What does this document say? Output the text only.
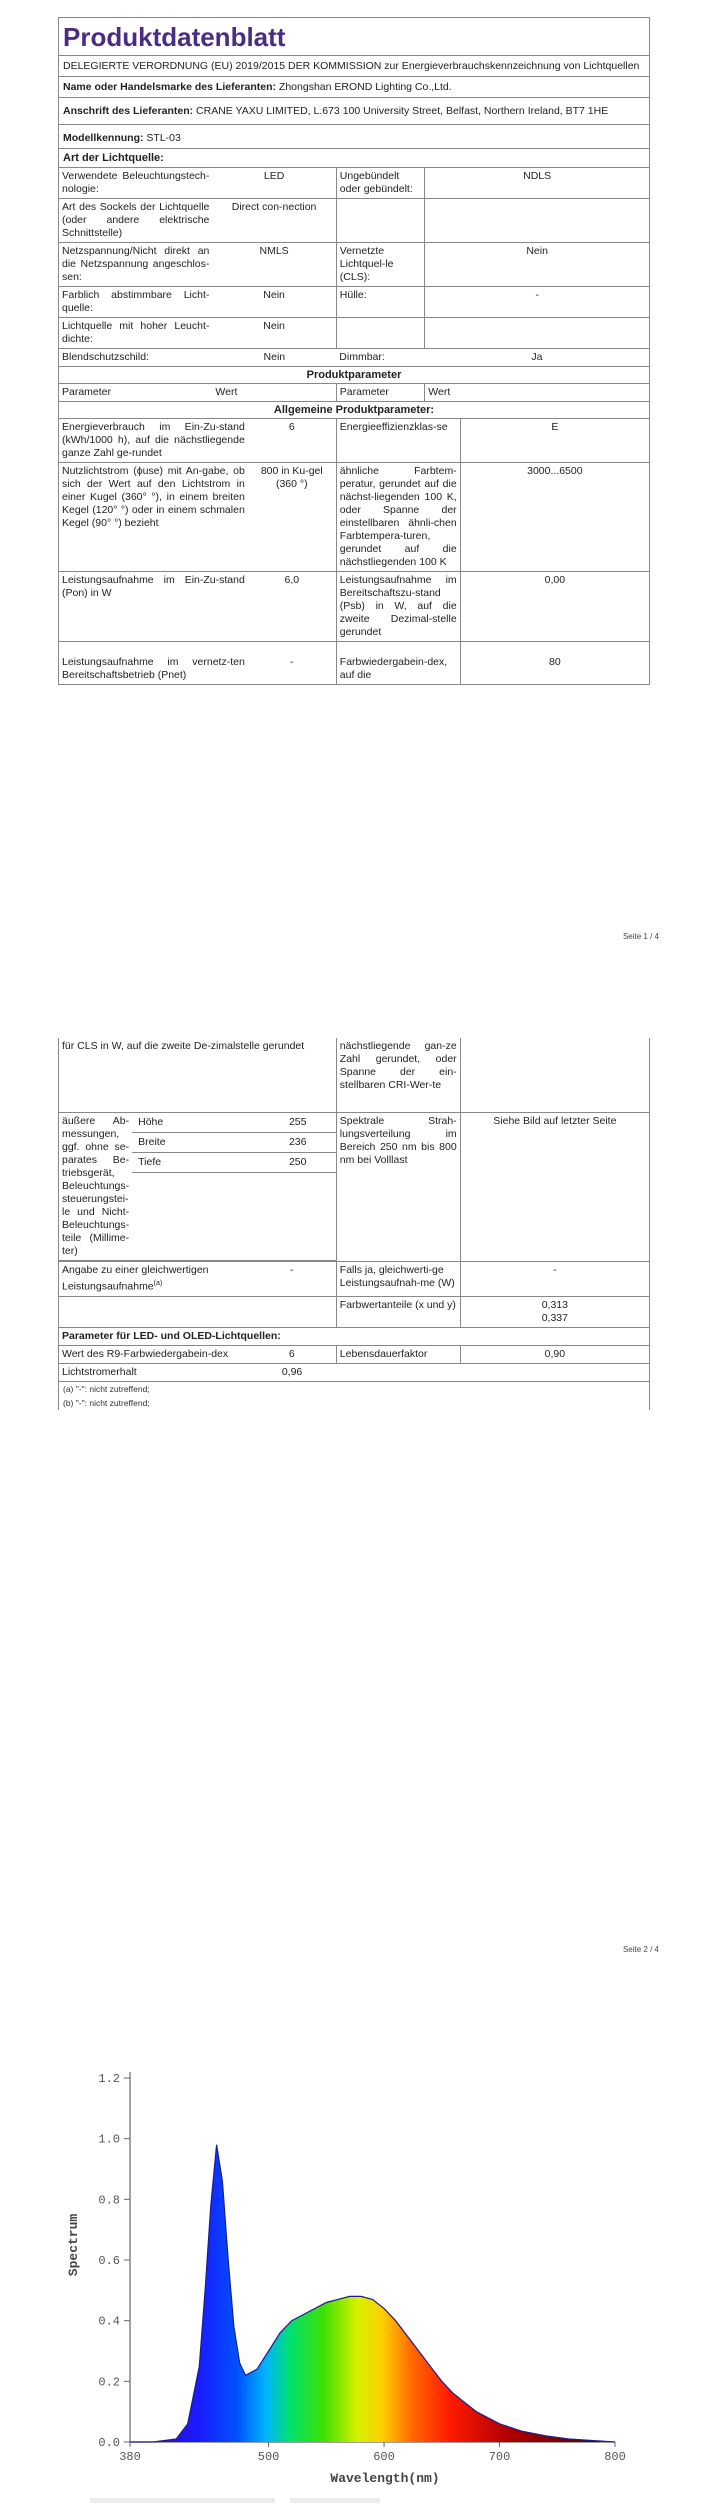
Produktdatenblatt
DELEGIERTE VERORDNUNG (EU) 2019/2015 DER KOMMISSION zur Energieverbrauchskennzeichnung von Lichtquellen
Name oder Handelsmarke des Lieferanten: Zhongshan EROND Lighting Co.,Ltd.
Anschrift des Lieferanten: CRANE YAXU LIMITED, L.673 100 University Street, Belfast, Northern Ireland, BT7 1HE
Modellkennung: STL-03
Art der Lichtquelle:
Verwendete Beleuchtungstech-nologie:	LED	Ungebündelt oder gebündelt:	NDLS
Art des Sockels der Lichtquelle (oder andere elektrische Schnittstelle)	Direct con-nection		
Netzspannung/Nicht direkt an die Netzspannung angeschlos-sen:	NMLS	Vernetzte Lichtquel-le (CLS):	Nein
Farblich abstimmbare Licht-quelle:	Nein	Hülle:	-
Lichtquelle mit hoher Leucht-dichte:	Nein		
Blendschutzschild:	Nein	Dimmbar:	Ja
Produktparameter
Parameter	Wert	Parameter	Wert
Allgemeine Produktparameter:
Energieverbrauch im Ein-Zu-stand (kWh/1000 h), auf die nächstliegende ganze Zahl ge-rundet	6	Energieeffizienzklas-se	E
Nutzlichtstrom (ϕuse) mit An-gabe, ob sich der Wert auf den Lichtstrom in einer Kugel (360° °), in einem breiten Kegel (120° °) oder in einem schmalen Kegel (90° °) bezieht	800 in Ku-gel (360 °)	ähnliche Farbtem-peratur, gerundet auf die nächst-liegenden 100 K, oder Spanne der einstellbaren ähnli-chen Farbtempera-turen, gerundet auf die nächstliegenden 100 K	3000...6500
Leistungsaufnahme im Ein-Zu-stand (Pon) in W	6,0	Leistungsaufnahme im Bereitschaftszu-stand (Psb) in W, auf die zweite Dezimal-stelle gerundet	0,00
Leistungsaufnahme im vernetz-ten Bereitschaftsbetrieb (Pnet)	-	Farbwiedergabein-dex, auf die	80
Seite 1 / 4
für CLS in W, auf die zweite De-zimalstelle gerundet	nächstliegende gan-ze Zahl gerundet, oder Spanne der ein-stellbaren CRI-Wer-te	

äußere Ab-messungen, ggf. ohne se-parates Be-triebsgerät, Beleuchtungs-steuerungstei-le und Nicht-Beleuchtungs-teile (Millime-ter)	
Höhe	255
Breite	236
Tiefe	250
	Spektrale Strah-lungsverteilung im Bereich 250 nm bis 800 nm bei Volllast	Siehe Bild auf letzter Seite
Angabe zu einer gleichwertigen Leistungsaufnahme$^{(a)}$	-	Falls ja, gleichwerti-ge Leistungsaufnah-me (W)	-
	Farbwertanteile (x und y)	0,313
0,337

Parameter für LED- und OLED-Lichtquellen:
Wert des R9-Farbwiedergabein-dex	6	Lebensdauerfaktor	0,90
Lichtstromerhalt	0,96	
(a) "-": nicht zutreffend;
(b) "-": nicht zutreffend;
Seite 2 / 4
0.0
0.2
0.4
0.6
0.8
1.0
1.2
380	500	600	700	800
Wavelength(nm)
Spectrum
